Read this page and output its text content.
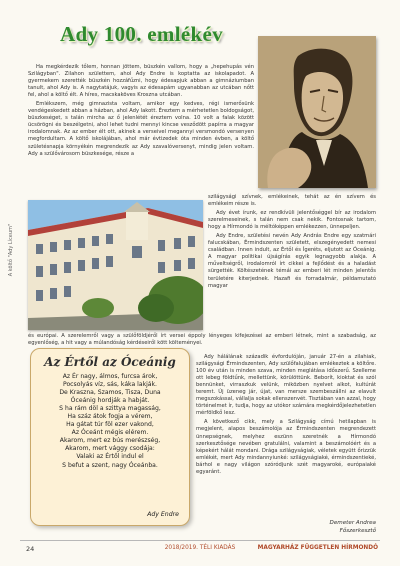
Ady 100. emlékév

Ha megkérdezik tőlem, honnan jöttem, büszkén vallom, hogy a „hepehupás vén Szilágyban". Zilahon születtem, ahol Ady Endre is koptatta az iskolapadot. A gyermekem szerették büszkén hozzáfűzni, hogy édesapjuk abban a gimnáziumban tanult, ahol Ady is. A nagytatájuk, vagyis az édesapám ugyanabban az utcában nőtt fel, ahol a költő élt. A híres, macskaköves Kroszna utcában.

Emlékszem, még gimnazista voltam, amikor egy kedves, régi ismerősünk vendégeskedett abban a házban, ahol Ady lakott. Éreztem a mérhetetlen boldogságot, büszkeséget, s talán mircha az ő jelenlétét éreztem volna. 10 volt a falak között ücsörögni és beszélgetni, ahol lehet tudni mennyi kincse vesződött papírra a magyar irodalomnak. Az az ember élt ott, akinek a verseivel megannyi versmondó versenyen megfordultam. A költő iskolájában, ahol már évtizedek óta minden évben, a költő születésnapja környékén megrendezik az Ady szavalóversenyt, mindig jelen voltam. Ady a szülővárosom büszkesége, része a

A költő "Ady Líceum"

szilágysági szívnek, emlékeinek, tehát az én szívem és emlékeim része is.

Ady évet írunk, ez rendkívüli jelentőséggel bír az irodalom szerelmeseinek, s talán nem csak nekik. Fontosnak tartom, hogy a Hírmondó is méltóképpen emlékezzen, ünnepeljen.

Ady Endre, születési nevén Ady András Endre egy szatmári falucskában, Érmindszenten született, elszegényedett nemesi családban. Innen indult, az Értől és Ígeréts, eljutott az Óceánig. A magyar politikai újságírás egyik legnagyobb alakja. A műveltségről, irodalomról írt cikkei a fejlődést és a haladást sürgették. Költészetének témái az emberi lét minden jelentős területére kiterjednek. Hazafi és forradalmár, példamutató magyar

és európai. A szerelemről vagy a szülőföldjéről írt versei éppoly lényeges kifejezései az emberi létnek, mint a szabadság, az egyenlőség, a hit vagy a múlandóság kérdéseiről kött költeményei.

Ady hálálának századik évfordulóján, január 27-én a zilahiak, szilágysági Érmindszenten, Ady szülőfalujában emlékeztek a költőre. 100 év után is minden szava, minden meglátása időszerű. Szelleme ott lebeg földtűnk, mellettünk, körülöttünk. Beborít, kioktat és szól bennünket, virraszkuk velünk, miközben nyelvet alkot, kultúrát teremt. Új üzeneg jár, újat, van mersze szembeszállni az elavult megszokással, vállalja sokak ellenszenvét. Tisztában van azzal, hogy történelmet ír, tudja, hogy az utókor számára megkérdőjelezhetetlen mérföldkő lesz.

A következő cikk, mely a Szilágyság címú hetilapban is megjelent, alapos beszámolója az Érmindszenten megrendezett ünnepségnek, melyhez eszünn szeretnék a Hírmondó szerkesztősége nevében gratulálni, valamint a beszámolóért és a képekért hálát mondani. Drága szilágyságiak, véletek együtt őrizzük emlékét, mert Ady mindannyiunké: szilágyságiaké, érmindszentieké, bárhol e nagy világon szóródjunk szét magyaroké, európaiaké egyaránt.

Az Értől az Óceánig
Az Ér nagy, álmos, furcsa árok,
Pocsolyás víz, sás, káka lakják.
De Kraszna, Szamos, Tisza, Duna
Óceánig hordják a habját.
S ha rám döl a szittya magasság,
Ha száz átok fogja a vérem,
Ha gátat túr föl ezer vakond,
Az Óceánt mégis elérem.
Akarom, mert ez bús merészség,
Akarom, mert vággy csodája:
Valaki az Értől indul el
S befut a szent, nagy Óceánba.
Ady Endre
Demeter Andrea
Főszerkesztő
24	2018/2019. TÉLI KIADÁS	MAGYARHÁZ FÜGGETLEN HÍRMONDÓ
